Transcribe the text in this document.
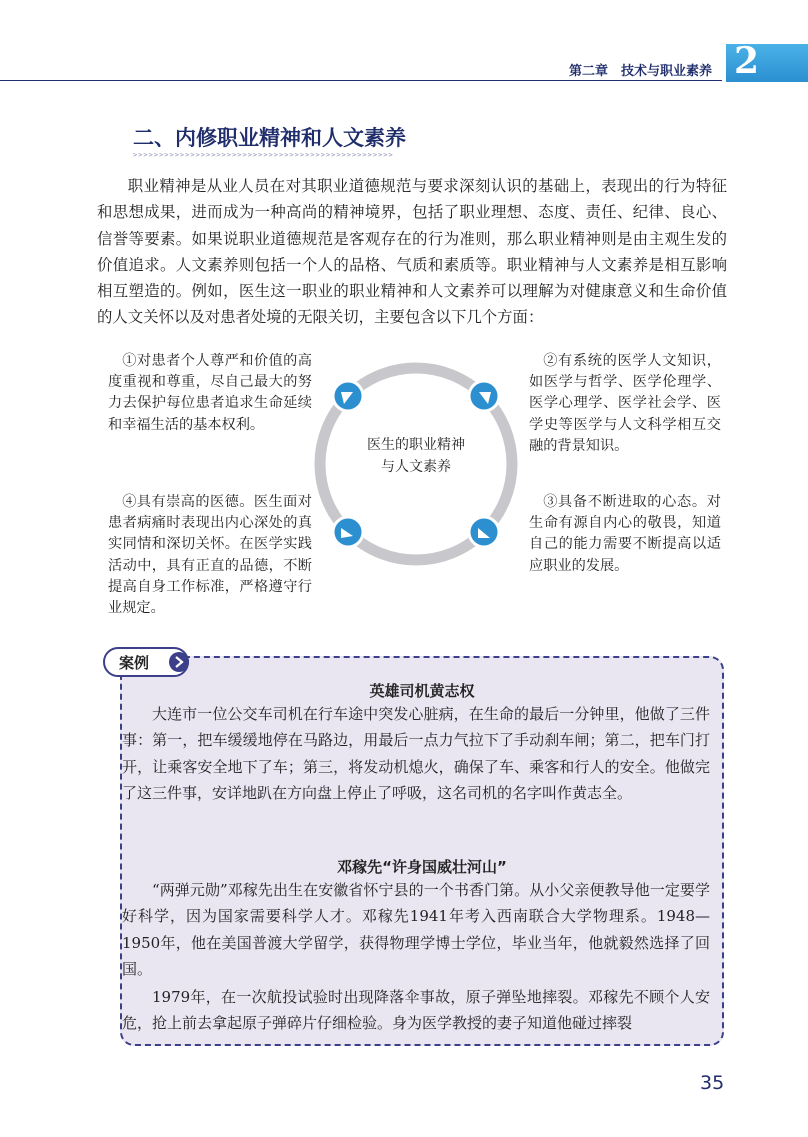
第二章　技术与职业素养 2
二、内修职业精神和人文素养
>>>>>>>>>>>>>>>>>>>>>>>>>>>>>>>>>>>>>>>>>>>>>>>>>>

职业精神是从业人员在对其职业道德规范与要求深刻认识的基础上，表现出的行为特征和思想成果，进而成为一种高尚的精神境界，包括了职业理想、态度、责任、纪律、良心、信誉等要素。如果说职业道德规范是客观存在的行为准则，那么职业精神则是由主观生发的价值追求。人文素养则包括一个人的品格、气质和素质等。职业精神与人文素养是相互影响相互塑造的。例如，医生这一职业的职业精神和人文素养可以理解为对健康意义和生命价值的人文关怀以及对患者处境的无限关切，主要包含以下几个方面：

医生的职业精神
与人文素养

①对患者个人尊严和价值的高度重视和尊重，尽自己最大的努力去保护每位患者追求生命延续和幸福生活的基本权利。

②有系统的医学人文知识，如医学与哲学、医学伦理学、医学心理学、医学社会学、医学史等医学与人文科学相互交融的背景知识。

③具备不断进取的心态。对生命有源自内心的敬畏，知道自己的能力需要不断提高以适应职业的发展。

④具有崇高的医德。医生面对患者病痛时表现出内心深处的真实同情和深切关怀。在医学实践活动中，具有正直的品德，不断提高自身工作标准，严格遵守行业规定。

案例
英雄司机黄志权

大连市一位公交车司机在行车途中突发心脏病，在生命的最后一分钟里，他做了三件事：第一，把车缓缓地停在马路边，用最后一点力气拉下了手动刹车闸；第二，把车门打开，让乘客安全地下了车；第三，将发动机熄火，确保了车、乘客和行人的安全。他做完了这三件事，安详地趴在方向盘上停止了呼吸，这名司机的名字叫作黄志全。

邓稼先“许身国威壮河山”

“两弹元勋”邓稼先出生在安徽省怀宁县的一个书香门第。从小父亲便教导他一定要学好科学，因为国家需要科学人才。邓稼先1941年考入西南联合大学物理系。1948—1950年，他在美国普渡大学留学，获得物理学博士学位，毕业当年，他就毅然选择了回国。

1979年，在一次航投试验时出现降落伞事故，原子弹坠地摔裂。邓稼先不顾个人安危，抢上前去拿起原子弹碎片仔细检验。身为医学教授的妻子知道他碰过摔裂

35
